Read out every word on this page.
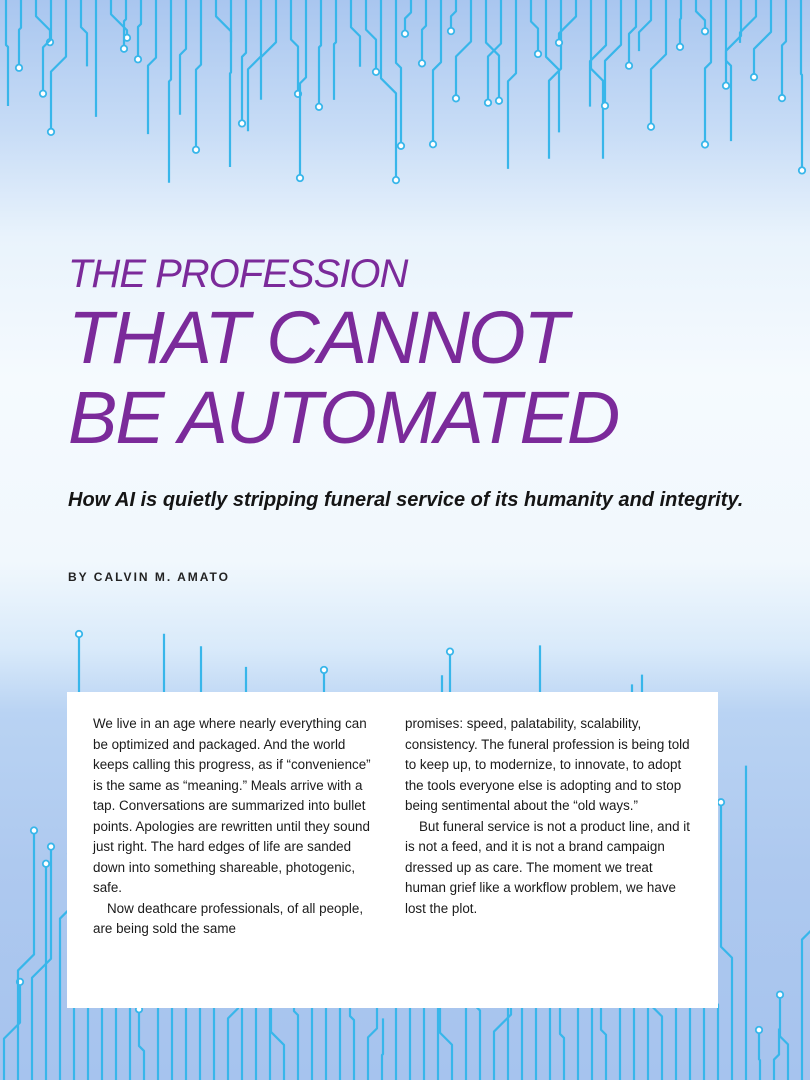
THE PROFESSION
THAT CANNOT
BE AUTOMATED

How AI is quietly stripping funeral service of its humanity and integrity.

BY CALVIN M. AMATO

We live in an age where nearly everything can be optimized and packaged. And the world keeps calling this progress, as if “convenience” is the same as “meaning.” Meals arrive with a tap. Conversations are summarized into bullet points. Apologies are rewritten until they sound just right. The hard edges of life are sanded down into something shareable, photogenic, safe.

Now deathcare professionals, of all people, are being sold the same

promises: speed, palatability, scalability, consistency. The funeral profession is being told to keep up, to modernize, to innovate, to adopt the tools everyone else is adopting and to stop being sentimental about the “old ways.”

But funeral service is not a product line, and it is not a feed, and it is not a brand campaign dressed up as care. The moment we treat human grief like a workflow problem, we have lost the plot.
